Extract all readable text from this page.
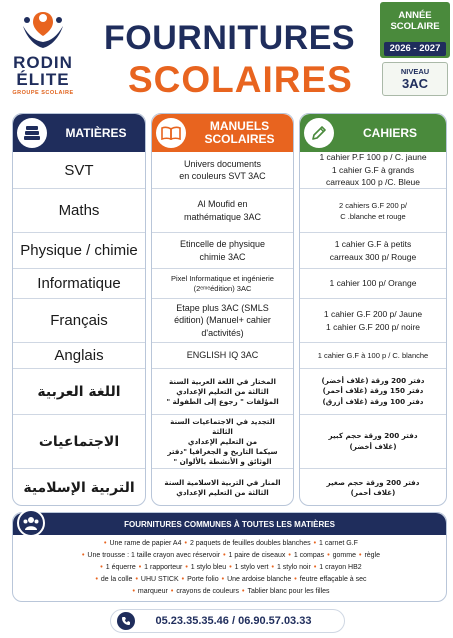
RODIN
ÉLITE
GROUPE SCOLAIRE
FOURNITURES
SCOLAIRES
ANNÉE
SCOLAIRE
2026 - 2027
NIVEAU
3AC
MATIÈRES
SVT
Maths
Physique / chimie
Informatique
Français
Anglais
اللغة العربية
الاجتماعيات
التربية الإسلامية
MANUELS
SCOLAIRES
Univers documents
en couleurs SVT 3AC
Al Moufid en
mathématique 3AC
Etincelle de physique
chimie 3AC
Pixel Informatique et ingénierie
(2ᵉᵐᵉédition) 3AC
Etape plus 3AC (SMLS
édition) (Manuel+ cahier
d'activités)
ENGLISH IQ 3AC
المختار في اللغة العربية السنة
الثالثة من التعليم الإعدادي
المؤلفات " رجوع إلى الطفولة "
التجديد في الاجتماعيات السنة الثالثة
من التعليم الإعدادي
سيكما التاريخ و الجغرافيا "دفتر
الوثائق و الأنشطة بالألوان "
المنار في التربية الاسلامية السنة
الثالثة من التعليم الإعدادي
CAHIERS
1 cahier P.F 100 p / C. jaune
1 cahier G.F à grands
carreaux 100 p /C. Bleue
2 cahiers G.F 200 p/
C .blanche et rouge
1 cahier G.F à petits
carreaux 300 p/ Rouge
1 cahier 100 p/ Orange
1 cahier G.F 200 p/ Jaune
1 cahier G.F 200 p/ noire
1 cahier G.F à 100 p / C. blanche
دفتر 200 ورقة (غلاف أخضر)
دفتر 150 ورقة (غلاف أحمر)
دفتر 100 ورقة (غلاف أزرق)
دفتر 200 ورقة حجم كبير
(غلاف أخضر)
دفتر 200 ورقة حجم صغير
(غلاف أحمر)
FOURNITURES COMMUNES À TOUTES LES MATIÈRES
• Une rame de papier A4 • 2 paquets de feuilles doubles blanches • 1 carnet G.F
• Une trousse : 1 taille crayon avec réservoir • 1 paire de ciseaux • 1 compas • gomme • règle
• 1 équerre • 1 rapporteur • 1 stylo bleu • 1 stylo vert • 1 stylo noir • 1 crayon HB2
• de la colle • UHU STICK • Porte folio • Une ardoise blanche • feutre effaçable à sec
• marqueur • crayons de couleurs • Tablier blanc pour les filles
05.23.35.35.46 / 06.90.57.03.33
